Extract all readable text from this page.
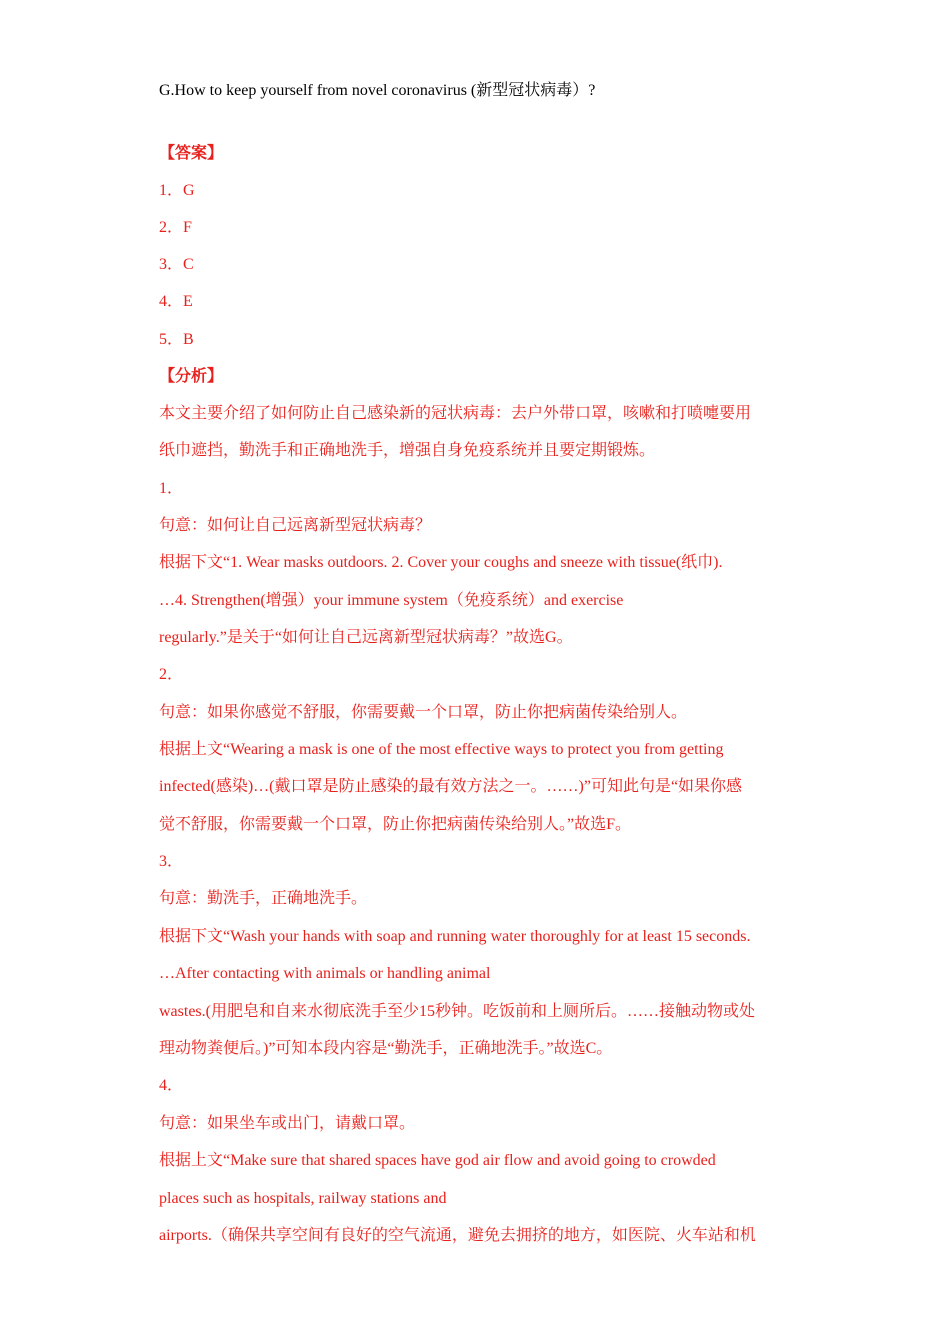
G.How to keep yourself from novel coronavirus (新型冠状病毒）?
【答案】
1．G
2．F
3．C
4．E
5．B
【分析】
本文主要介绍了如何防止自己感染新的冠状病毒：去户外带口罩，咳嗽和打喷嚏要用
纸巾遮挡，勤洗手和正确地洗手，增强自身免疫系统并且要定期锻炼。
1．
句意：如何让自己远离新型冠状病毒？
根据下文“1. Wear masks outdoors. 2. Cover your coughs and sneeze with tissue(纸巾).
…4. Strengthen(增强）your immune system（免疫系统）and exercise
regularly.”是关于“如何让自己远离新型冠状病毒？”故选G。
2．
句意：如果你感觉不舒服，你需要戴一个口罩，防止你把病菌传染给别人。
根据上文“Wearing a mask is one of the most effective ways to protect you from getting
infected(感染)…(戴口罩是防止感染的最有效方法之一。……)”可知此句是“如果你感
觉不舒服，你需要戴一个口罩，防止你把病菌传染给别人。”故选F。
3．
句意：勤洗手，正确地洗手。
根据下文“Wash your hands with soap and running water thoroughly for at least 15 seconds.
…After contacting with animals or handling animal
wastes.(用肥皂和自来水彻底洗手至少15秒钟。吃饭前和上厕所后。……接触动物或处
理动物粪便后。)”可知本段内容是“勤洗手，正确地洗手。”故选C。
4．
句意：如果坐车或出门，请戴口罩。
根据上文“Make sure that shared spaces have god air flow and avoid going to crowded
places such as hospitals, railway stations and
airports.（确保共享空间有良好的空气流通，避免去拥挤的地方，如医院、火车站和机
